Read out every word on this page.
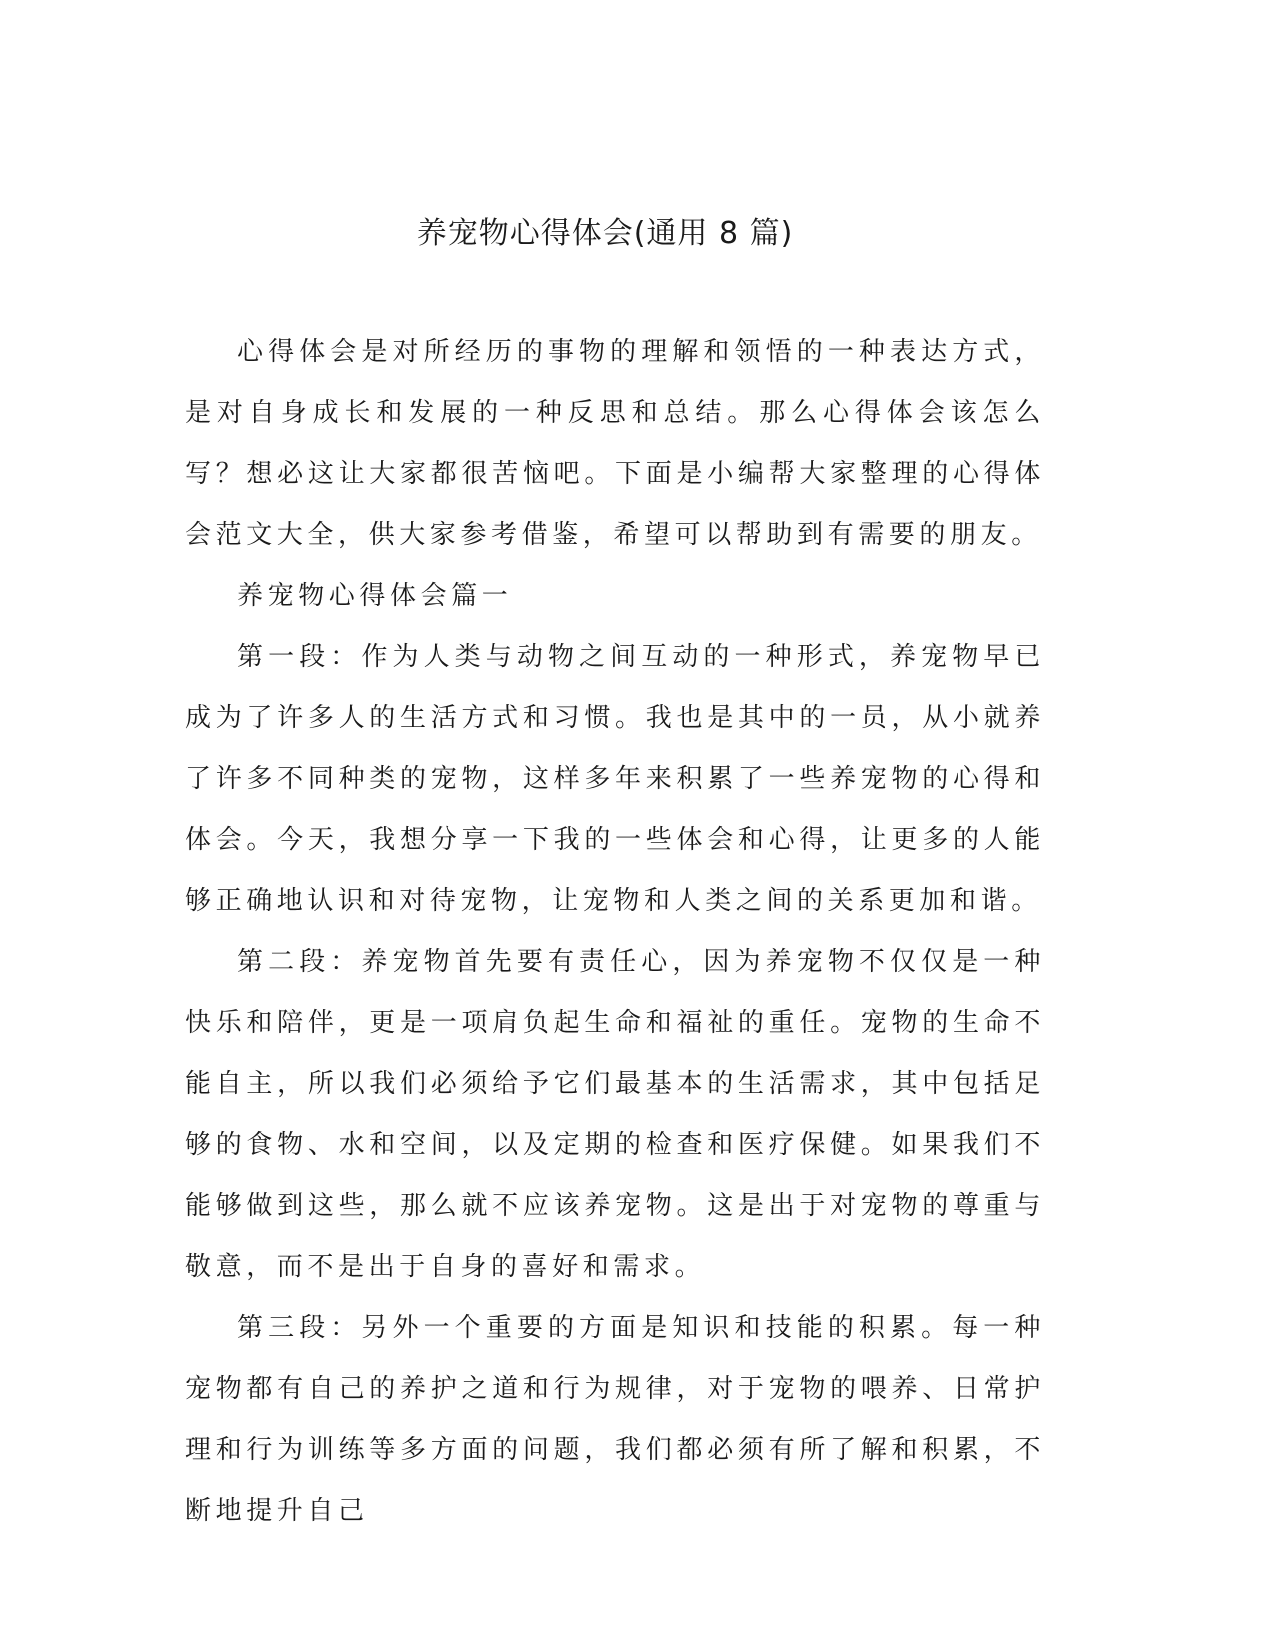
养宠物心得体会(通用 8 篇)

心得体会是对所经历的事物的理解和领悟的一种表达方式，是对自身成长和发展的一种反思和总结。那么心得体会该怎么写？想必这让大家都很苦恼吧。下面是小编帮大家整理的心得体会范文大全，供大家参考借鉴，希望可以帮助到有需要的朋友。

养宠物心得体会篇一

第一段：作为人类与动物之间互动的一种形式，养宠物早已成为了许多人的生活方式和习惯。我也是其中的一员，从小就养了许多不同种类的宠物，这样多年来积累了一些养宠物的心得和体会。今天，我想分享一下我的一些体会和心得，让更多的人能够正确地认识和对待宠物，让宠物和人类之间的关系更加和谐。

第二段：养宠物首先要有责任心，因为养宠物不仅仅是一种快乐和陪伴，更是一项肩负起生命和福祉的重任。宠物的生命不能自主，所以我们必须给予它们最基本的生活需求，其中包括足够的食物、水和空间，以及定期的检查和医疗保健。如果我们不能够做到这些，那么就不应该养宠物。这是出于对宠物的尊重与敬意，而不是出于自身的喜好和需求。

第三段：另外一个重要的方面是知识和技能的积累。每一种宠物都有自己的养护之道和行为规律，对于宠物的喂养、日常护理和行为训练等多方面的问题，我们都必须有所了解和积累，不断地提升自己
